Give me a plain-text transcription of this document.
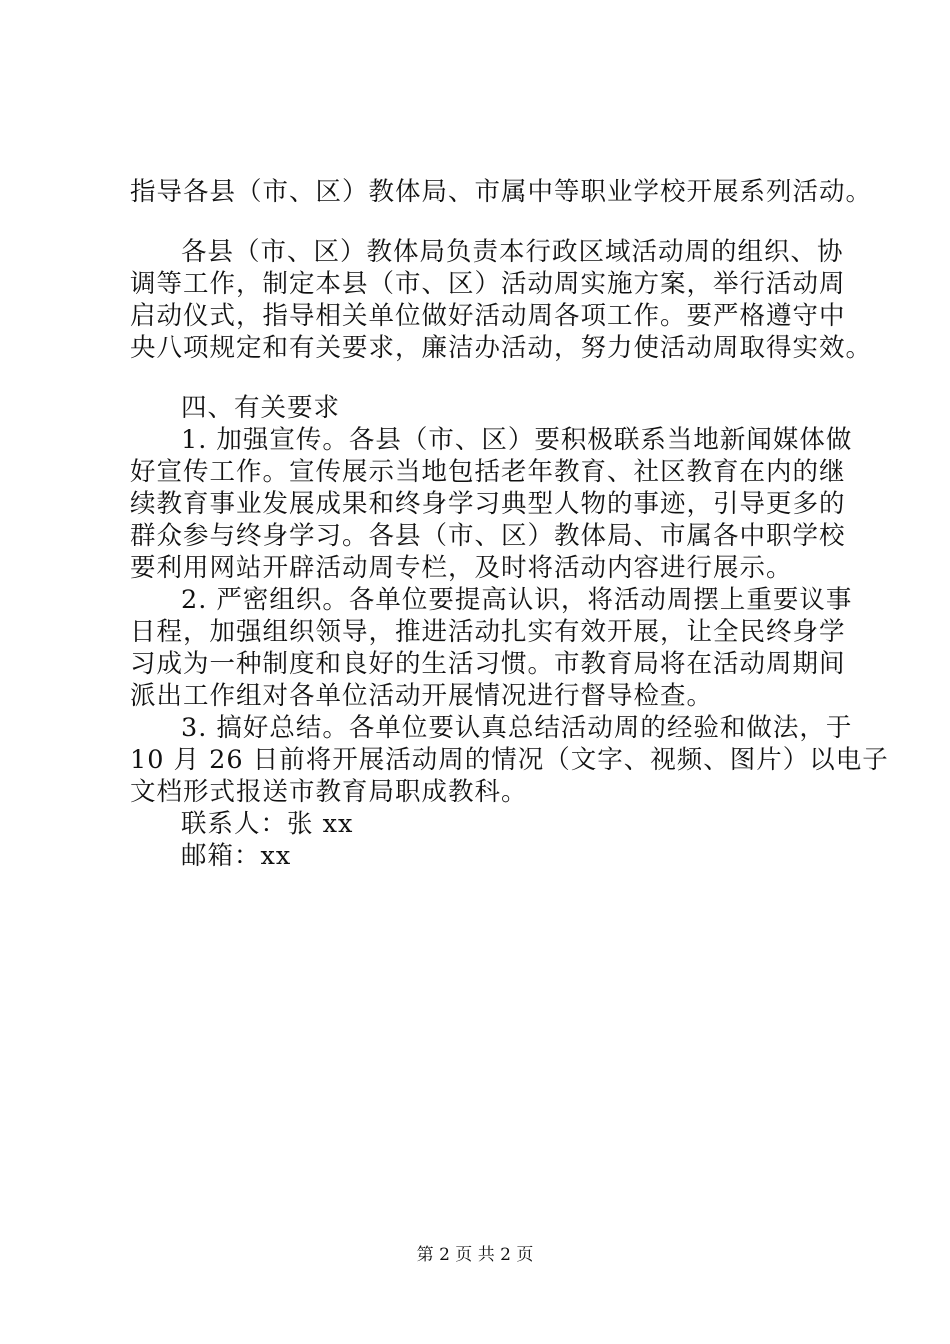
指导各县（市、区）教体局、市属中等职业学校开展系列活动。
各县（市、区）教体局负责本行政区域活动周的组织、协
调等工作，制定本县（市、区）活动周实施方案，举行活动周
启动仪式，指导相关单位做好活动周各项工作。要严格遵守中
央八项规定和有关要求，廉洁办活动，努力使活动周取得实效。
四、有关要求
1. 加强宣传。各县（市、区）要积极联系当地新闻媒体做
好宣传工作。宣传展示当地包括老年教育、社区教育在内的继
续教育事业发展成果和终身学习典型人物的事迹，引导更多的
群众参与终身学习。各县（市、区）教体局、市属各中职学校
要利用网站开辟活动周专栏，及时将活动内容进行展示。
2. 严密组织。各单位要提高认识，将活动周摆上重要议事
日程，加强组织领导，推进活动扎实有效开展，让全民终身学
习成为一种制度和良好的生活习惯。市教育局将在活动周期间
派出工作组对各单位活动开展情况进行督导检查。
3. 搞好总结。各单位要认真总结活动周的经验和做法，于
10 月 26 日前将开展活动周的情况（文字、视频、图片）以电子
文档形式报送市教育局职成教科。
联系人：张 xx
邮箱：xx
第 2 页 共 2 页
